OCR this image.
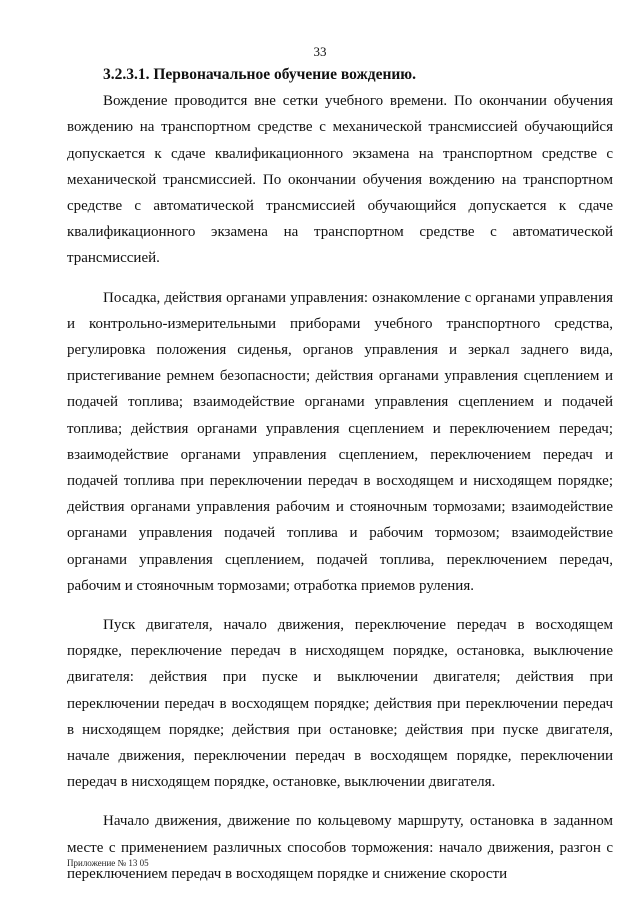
33

3.2.3.1. Первоначальное обучение вождению.

Вождение проводится вне сетки учебного времени. По окончании обучения вождению на транспортном средстве с механической трансмиссией обучающийся допускается к сдаче квалификационного экзамена на транспортном средстве с механической трансмиссией. По окончании обучения вождению на транспортном средстве с автоматической трансмиссией обучающийся допускается к сдаче квалификационного экзамена на транспортном средстве с автоматической трансмиссией.

Посадка, действия органами управления: ознакомление с органами управления и контрольно-измерительными приборами учебного транспортного средства, регулировка положения сиденья, органов управления и зеркал заднего вида, пристегивание ремнем безопасности; действия органами управления сцеплением и подачей топлива; взаимодействие органами управления сцеплением и подачей топлива; действия органами управления сцеплением и переключением передач; взаимодействие органами управления сцеплением, переключением передач и подачей топлива при переключении передач в восходящем и нисходящем порядке; действия органами управления рабочим и стояночным тормозами; взаимодействие органами управления подачей топлива и рабочим тормозом; взаимодействие органами управления сцеплением, подачей топлива, переключением передач, рабочим и стояночным тормозами; отработка приемов руления.

Пуск двигателя, начало движения, переключение передач в восходящем порядке, переключение передач в нисходящем порядке, остановка, выключение двигателя: действия при пуске и выключении двигателя; действия при переключении передач в восходящем порядке; действия при переключении передач в нисходящем порядке; действия при остановке; действия при пуске двигателя, начале движения, переключении передач в восходящем порядке, переключении передач в нисходящем порядке, остановке, выключении двигателя.

Начало движения, движение по кольцевому маршруту, остановка в заданном месте с применением различных способов торможения: начало движения, разгон с переключением передач в восходящем порядке и снижение скорости

Приложение № 13 05
